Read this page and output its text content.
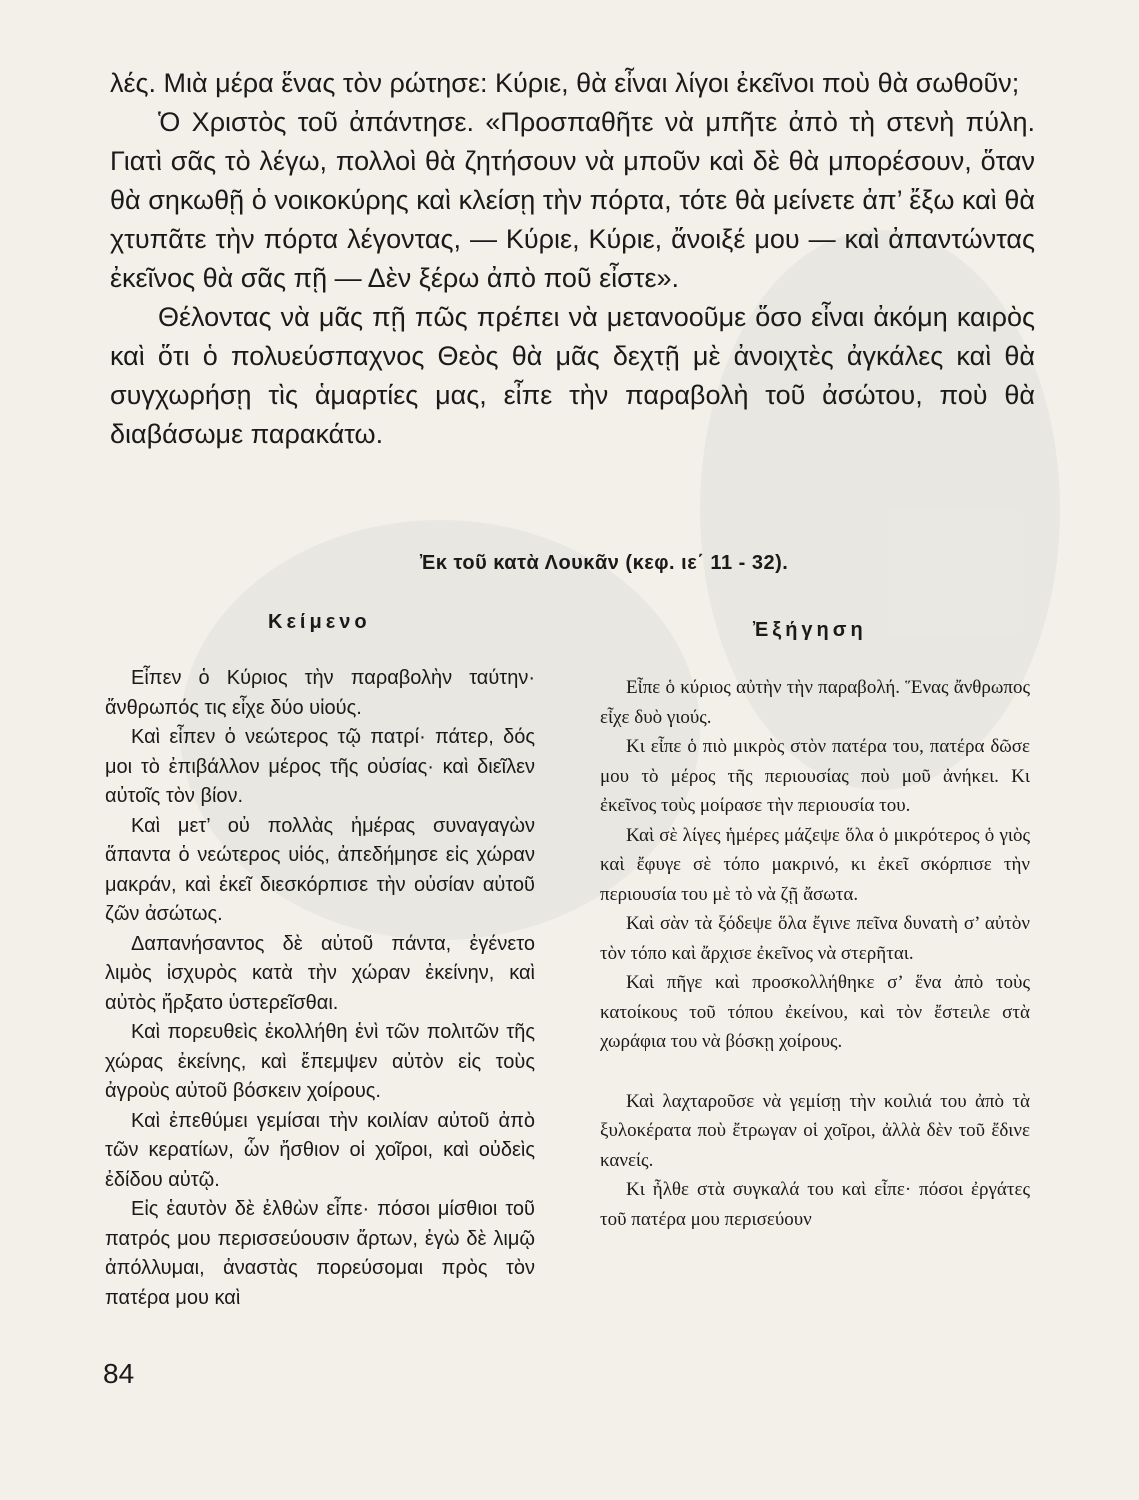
λές. Μιὰ μέρα ἕνας τὸν ρώτησε: Κύριε, θὰ εἶναι λίγοι ἐκεῖνοι ποὺ θὰ σωθοῦν;

Ὁ Χριστὸς τοῦ ἀπάντησε. «Προσπαθῆτε νὰ μπῆτε ἀπὸ τὴ στενὴ πύλη. Γιατὶ σᾶς τὸ λέγω, πολλοὶ θὰ ζητήσουν νὰ μποῦν καὶ δὲ θὰ μπορέσουν, ὅταν θὰ σηκωθῇ ὁ νοικοκύρης καὶ κλείσῃ τὴν πόρτα, τότε θὰ μείνετε ἀπ’ ἔξω καὶ θὰ χτυπᾶτε τὴν πόρτα λέγοντας, — Κύριε, Κύριε, ἄνοιξέ μου — καὶ ἀπαντώντας ἐκεῖνος θὰ σᾶς πῇ — Δὲν ξέρω ἀπὸ ποῦ εἶστε».

Θέλοντας νὰ μᾶς πῇ πῶς πρέπει νὰ μετανοοῦμε ὅσο εἶναι ἀκόμη καιρὸς καὶ ὅτι ὁ πολυεύσπαχνος Θεὸς θὰ μᾶς δεχτῇ μὲ ἀνοιχτὲς ἀγκάλες καὶ θὰ συγχωρήσῃ τὶς ἁμαρτίες μας, εἶπε τὴν παραβολὴ τοῦ ἀσώτου, ποὺ θὰ διαβάσωμε παρακάτω.

Ἐκ τοῦ κατὰ Λουκᾶν (κεφ. ιε΄ 11 - 32).
Κείμενο	Ἐξήγηση

Εἶπεν ὁ Κύριος τὴν παραβολὴν ταύτην· ἄνθρωπός τις εἶχε δύο υἱούς.

Καὶ εἶπεν ὁ νεώτερος τῷ πατρί· πάτερ, δός μοι τὸ ἐπιβάλλον μέρος τῆς οὐσίας· καὶ διεῖλεν αὐτοῖς τὸν βίον.

Καὶ μετ’ οὐ πολλὰς ἡμέρας συναγαγὼν ἅπαντα ὁ νεώτερος υἱός, ἀπεδήμησε εἰς χώραν μακράν, καὶ ἐκεῖ διεσκόρπισε τὴν οὐσίαν αὐτοῦ ζῶν ἀσώτως.

Δαπανήσαντος δὲ αὐτοῦ πάντα, ἐγένετο λιμὸς ἰσχυρὸς κατὰ τὴν χώραν ἐκείνην, καὶ αὐτὸς ἤρξατο ὑστερεῖσθαι.

Καὶ πορευθεὶς ἐκολλήθη ἑνὶ τῶν πολιτῶν τῆς χώρας ἐκείνης, καὶ ἔπεμψεν αὐτὸν εἰς τοὺς ἀγροὺς αὐτοῦ βόσκειν χοίρους.

Καὶ ἐπεθύμει γεμίσαι τὴν κοιλίαν αὐτοῦ ἀπὸ τῶν κερατίων, ὧν ἤσθιον οἱ χοῖροι, καὶ οὐδεὶς ἐδίδου αὐτῷ.

Εἰς ἑαυτὸν δὲ ἐλθὼν εἶπε· πόσοι μίσθιοι τοῦ πατρός μου περισσεύουσιν ἄρτων, ἐγὼ δὲ λιμῷ ἀπόλλυμαι, ἀναστὰς πορεύσομαι πρὸς τὸν πατέρα μου καὶ

Εἶπε ὁ κύριος αὐτὴν τὴν παραβολή. Ἕνας ἄνθρωπος εἶχε δυὸ γιούς.

Κι εἶπε ὁ πιὸ μικρὸς στὸν πατέρα του, πατέρα δῶσε μου τὸ μέρος τῆς περιουσίας ποὺ μοῦ ἀνήκει. Κι ἐκεῖνος τοὺς μοίρασε τὴν περιουσία του.

Καὶ σὲ λίγες ἡμέρες μάζεψε ὅλα ὁ μικρότερος ὁ γιὸς καὶ ἔφυγε σὲ τόπο μακρινό, κι ἐκεῖ σκόρπισε τὴν περιουσία του μὲ τὸ νὰ ζῇ ἄσωτα.

Καὶ σὰν τὰ ξόδεψε ὅλα ἔγινε πεῖνα δυνατὴ σ’ αὐτὸν τὸν τόπο καὶ ἄρχισε ἐκεῖνος νὰ στερῆται.

Καὶ πῆγε καὶ προσκολλήθηκε σ’ ἕνα ἀπὸ τοὺς κατοίκους τοῦ τόπου ἐκείνου, καὶ τὸν ἔστειλε στὰ χωράφια του νὰ βόσκῃ χοίρους.

Καὶ λαχταροῦσε νὰ γεμίσῃ τὴν κοιλιά του ἀπὸ τὰ ξυλοκέρατα ποὺ ἔτρωγαν οἱ χοῖροι, ἀλλὰ δὲν τοῦ ἔδινε κανείς.

Κι ἦλθε στὰ συγκαλά του καὶ εἶπε· πόσοι ἐργάτες τοῦ πατέρα μου περισεύουν

84
